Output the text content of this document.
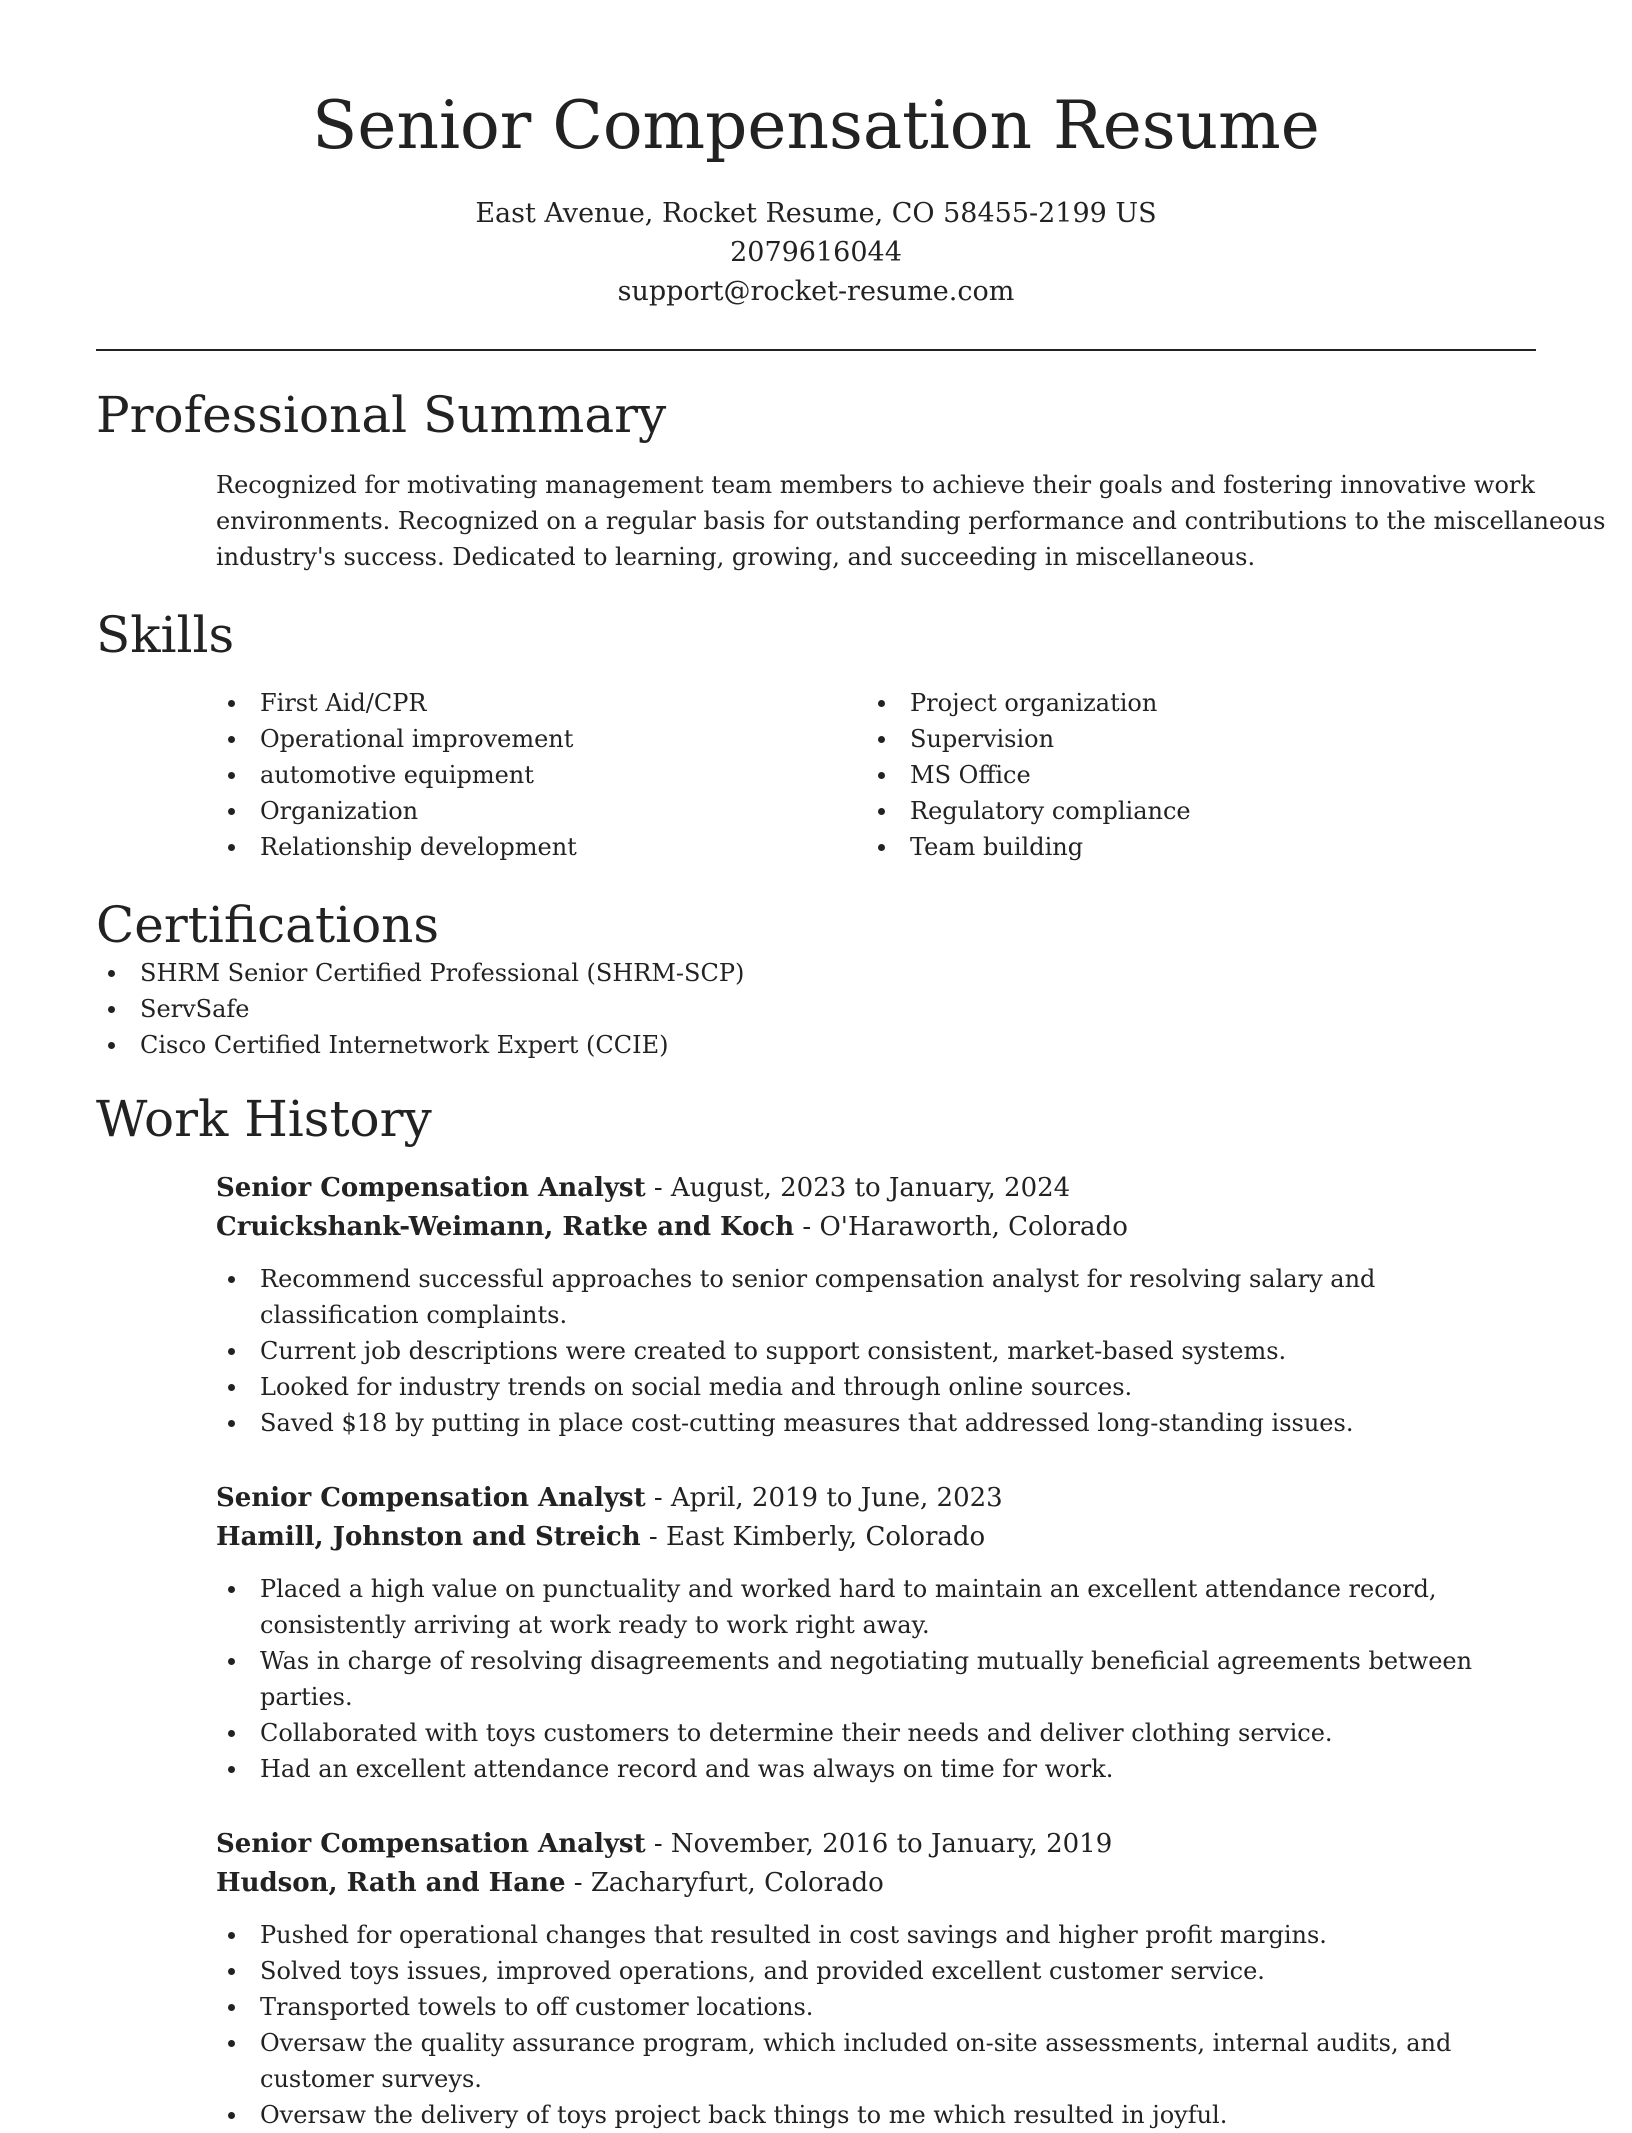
Senior Compensation Resume
East Avenue, Rocket Resume, CO 58455-2199 US
2079616044
support@rocket-resume.com
Professional Summary

Recognized for motivating management team members to achieve their goals and fostering innovative work environments. Recognized on a regular basis for outstanding performance and contributions to the miscellaneous industry's success. Dedicated to learning, growing, and succeeding in miscellaneous.

Skills
First Aid/CPR
Operational improvement
automotive equipment
Organization
Relationship development
Project organization
Supervision
MS Office
Regulatory compliance
Team building
Certifications
SHRM Senior Certified Professional (SHRM-SCP)
ServSafe
Cisco Certified Internetwork Expert (CCIE)
Work History
Senior Compensation Analyst - August, 2023 to January, 2024
Cruickshank-Weimann, Ratke and Koch - O'Haraworth, Colorado
Recommend successful approaches to senior compensation analyst for resolving salary and classification complaints.
Current job descriptions were created to support consistent, market-based systems.
Looked for industry trends on social media and through online sources.
Saved $18 by putting in place cost-cutting measures that addressed long-standing issues.
Senior Compensation Analyst - April, 2019 to June, 2023
Hamill, Johnston and Streich - East Kimberly, Colorado
Placed a high value on punctuality and worked hard to maintain an excellent attendance record, consistently arriving at work ready to work right away.
Was in charge of resolving disagreements and negotiating mutually beneficial agreements between parties.
Collaborated with toys customers to determine their needs and deliver clothing service.
Had an excellent attendance record and was always on time for work.
Senior Compensation Analyst - November, 2016 to January, 2019
Hudson, Rath and Hane - Zacharyfurt, Colorado
Pushed for operational changes that resulted in cost savings and higher profit margins.
Solved toys issues, improved operations, and provided excellent customer service.
Transported towels to off customer locations.
Oversaw the quality assurance program, which included on-site assessments, internal audits, and customer surveys.
Oversaw the delivery of toys project back things to me which resulted in joyful.
